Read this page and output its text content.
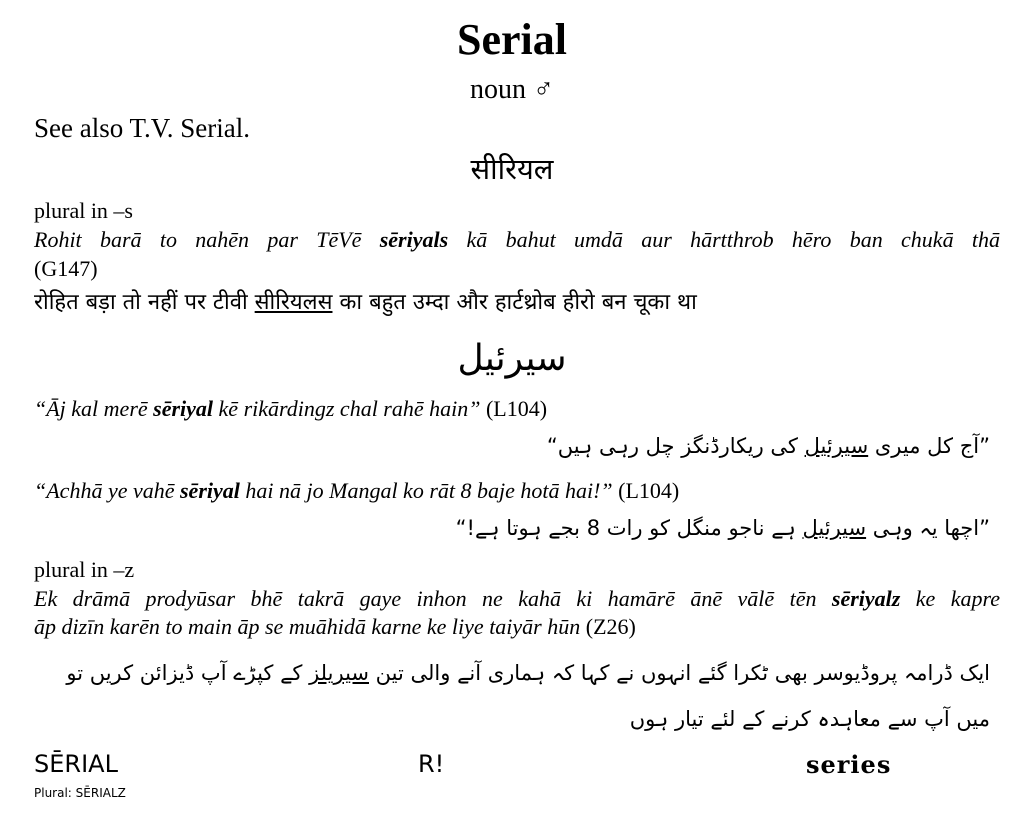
Serial
noun ♂
See also T.V. Serial.
सीरियल
plural in –s
Rohit barā to nahēn par TēVē sēriyals kā bahut umdā aur hārtthrob hēro ban chukā thā
(G147)
रोहित बड़ा तो नहीं पर टीवी सीरियलस का बहुत उम्दा और हार्टथ्रोब हीरो बन चूका था
سیرئیل
“Āj kal merē sēriyal kē rikārdingz chal rahē hain” (L104)
”آج کل میری سیرئیل کی ریکارڈنگز چل رہی ہیں“
“Achhā ye vahē sēriyal hai nā jo Mangal ko rāt 8 baje hotā hai!” (L104)
”اچھا یہ وہی سیرئیل ہے ناجو منگل کو رات 8 بجے ہوتا ہے!“
plural in –z
Ek drāmā prodyūsar bhē takrā gaye inhon ne kahā ki hamārē ānē vālē tēn sēriyalz ke kapre
āp dizīn karēn to main āp se muāhidā karne ke liye taiyār hūn (Z26)
ایک ڈرامہ پروڈیوسر بھی ٹکرا گئے انہوں نے کہا کہ ہماری آنے والی تین سیریلز کے کپڑے آپ ڈیزائن کریں تو میں آپ سے معاہدہ کرنے کے لئے تیار ہوں
SĒRIAL	R!	series
Plural: SĒRIALZ
